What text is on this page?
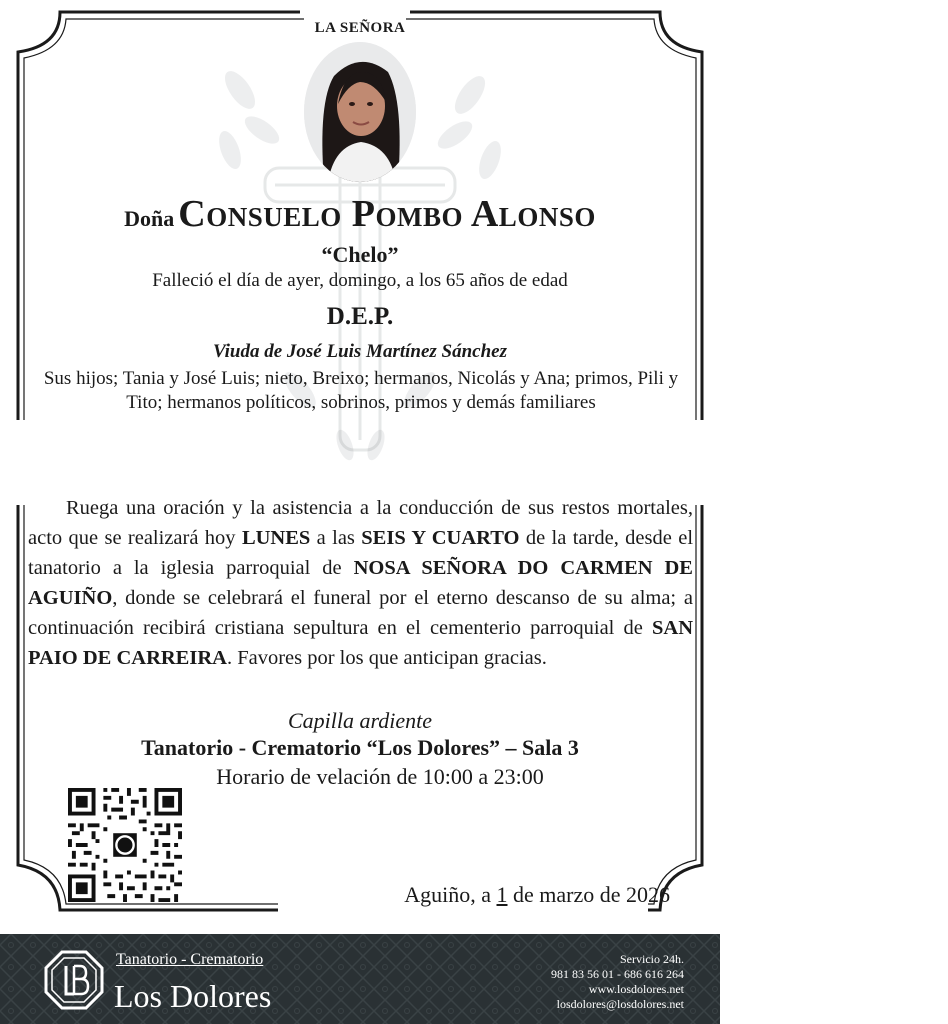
LA SEÑORA
Doña Consuelo Pombo Alonso
“Chelo”
Falleció el día de ayer, domingo, a los 65 años de edad
D.E.P.
Viuda de José Luis Martínez Sánchez
Sus hijos; Tania y José Luis; nieto, Breixo; hermanos, Nicolás y Ana; primos, Pili y Tito; hermanos políticos, sobrinos, primos y demás familiares
Ruega una oración y la asistencia a la conducción de sus restos mortales, acto que se realizará hoy LUNES a las SEIS Y CUARTO de la tarde, desde el tanatorio a la iglesia parroquial de NOSA SEÑORA DO CARMEN DE AGUIÑO, donde se celebrará el funeral por el eterno descanso de su alma; a continuación recibirá cristiana sepultura en el cementerio parroquial de SAN PAIO DE CARREIRA. Favores por los que anticipan gracias.
Capilla ardiente
Tanatorio - Crematorio “Los Dolores” – Sala 3
Horario de velación de 10:00 a 23:00
Aguiño, a 1 de marzo de 2026
Tanatorio - Crematorio
Los Dolores
Servicio 24h.
981 83 56 01 - 686 616 264
www.losdolores.net
losdolores@losdolores.net
